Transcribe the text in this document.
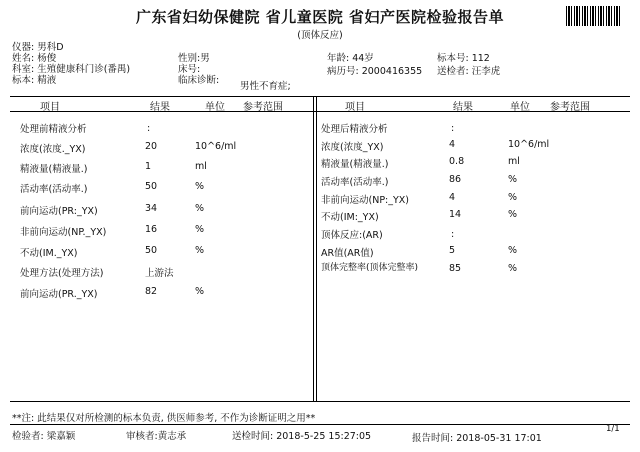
广东省妇幼保健院 省儿童医院 省妇产医院检验报告单
(顶体反应)
仪器: 男科D
姓名: 杨俊	性别:男	年龄: 44岁	标本号: 112
科室: 生殖健康科门诊(番禺)	床号:	病历号: 2000416355 送检者: 汪李虎
标本: 精液	临床诊断:
男性不育症;
项目	结果	单位 参考范围	项目	结果	单位 参考范围
处理前精液分析	:
浓度(浓度._YX)	20	10^6/ml
精液量(精液量.)	1	ml
活动率(活动率.)	50	%
前向运动(PR:_YX)	34	%
非前向运动(NP._YX)	16	%
不动(IM._YX)	50	%
处理方法(处理方法)	上游法
前向运动(PR._YX)	82	%
处理后精液分析	:
浓度(浓度_YX)	4	10^6/ml
精液量(精液量.)	0.8	ml
活动率(活动率.)	86	%
非前向运动(NP:_YX)	4	%
不动(IM:_YX)	14	%
顶体反应:(AR)	:
AR值(AR值)	5	%
顶体完整率(顶体完整率)	85	%
**注: 此结果仅对所检测的标本负责, 供医师参考, 不作为诊断证明之用**
检验者: 梁嘉颖	审核者:黄志承	送检时间: 2018-5-25 15:27:05	报告时间: 2018-05-31 17:01
1/1
